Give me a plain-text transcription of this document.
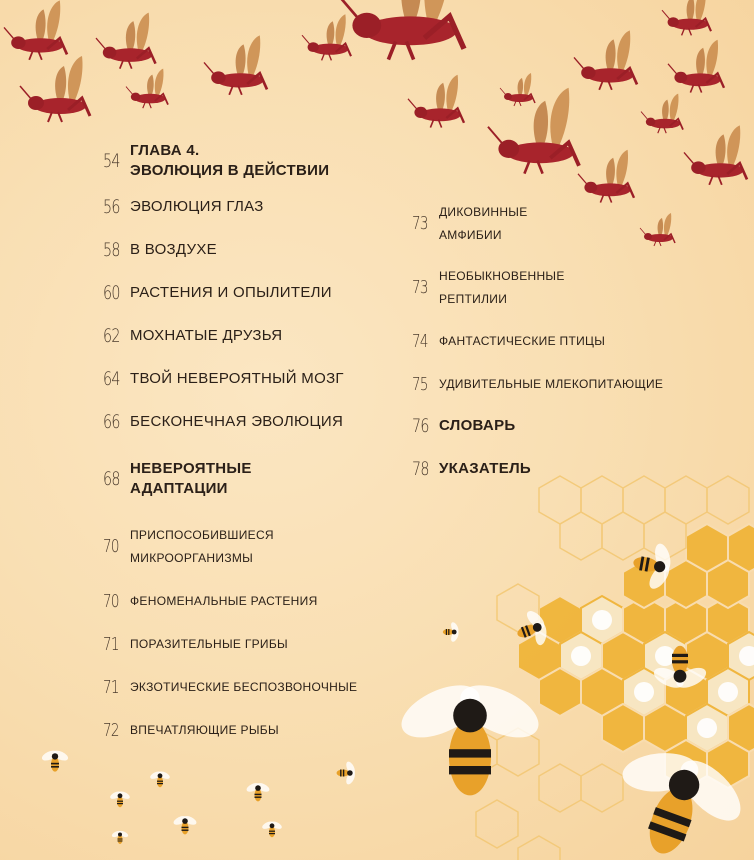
54 ГЛАВА 4.
ЭВОЛЮЦИЯ В ДЕЙСТВИИ
56 ЭВОЛЮЦИЯ ГЛАЗ
58 В ВОЗДУХЕ
60 РАСТЕНИЯ И ОПЫЛИТЕЛИ
62 МОХНАТЫЕ ДРУЗЬЯ
64 ТВОЙ НЕВЕРОЯТНЫЙ МОЗГ
66 БЕСКОНЕЧНАЯ ЭВОЛЮЦИЯ
68 НЕВЕРОЯТНЫЕ
АДАПТАЦИИ
70
ПРИСПОСОБИВШИЕСЯ
МИКРООРГАНИЗМЫ
70 ФЕНОМЕНАЛЬНЫЕ РАСТЕНИЯ
71 ПОРАЗИТЕЛЬНЫЕ ГРИБЫ
71 ЭКЗОТИЧЕСКИЕ БЕСПОЗВОНОЧНЫЕ
72 ВПЕЧАТЛЯЮЩИЕ РЫБЫ
73
ДИКОВИННЫЕ
АМФИБИИ
73
НЕОБЫКНОВЕННЫЕ
РЕПТИЛИИ
74 ФАНТАСТИЧЕСКИЕ ПТИЦЫ
75 УДИВИТЕЛЬНЫЕ МЛЕКОПИТАЮЩИЕ
76 СЛОВАРЬ
78 УКАЗАТЕЛЬ
